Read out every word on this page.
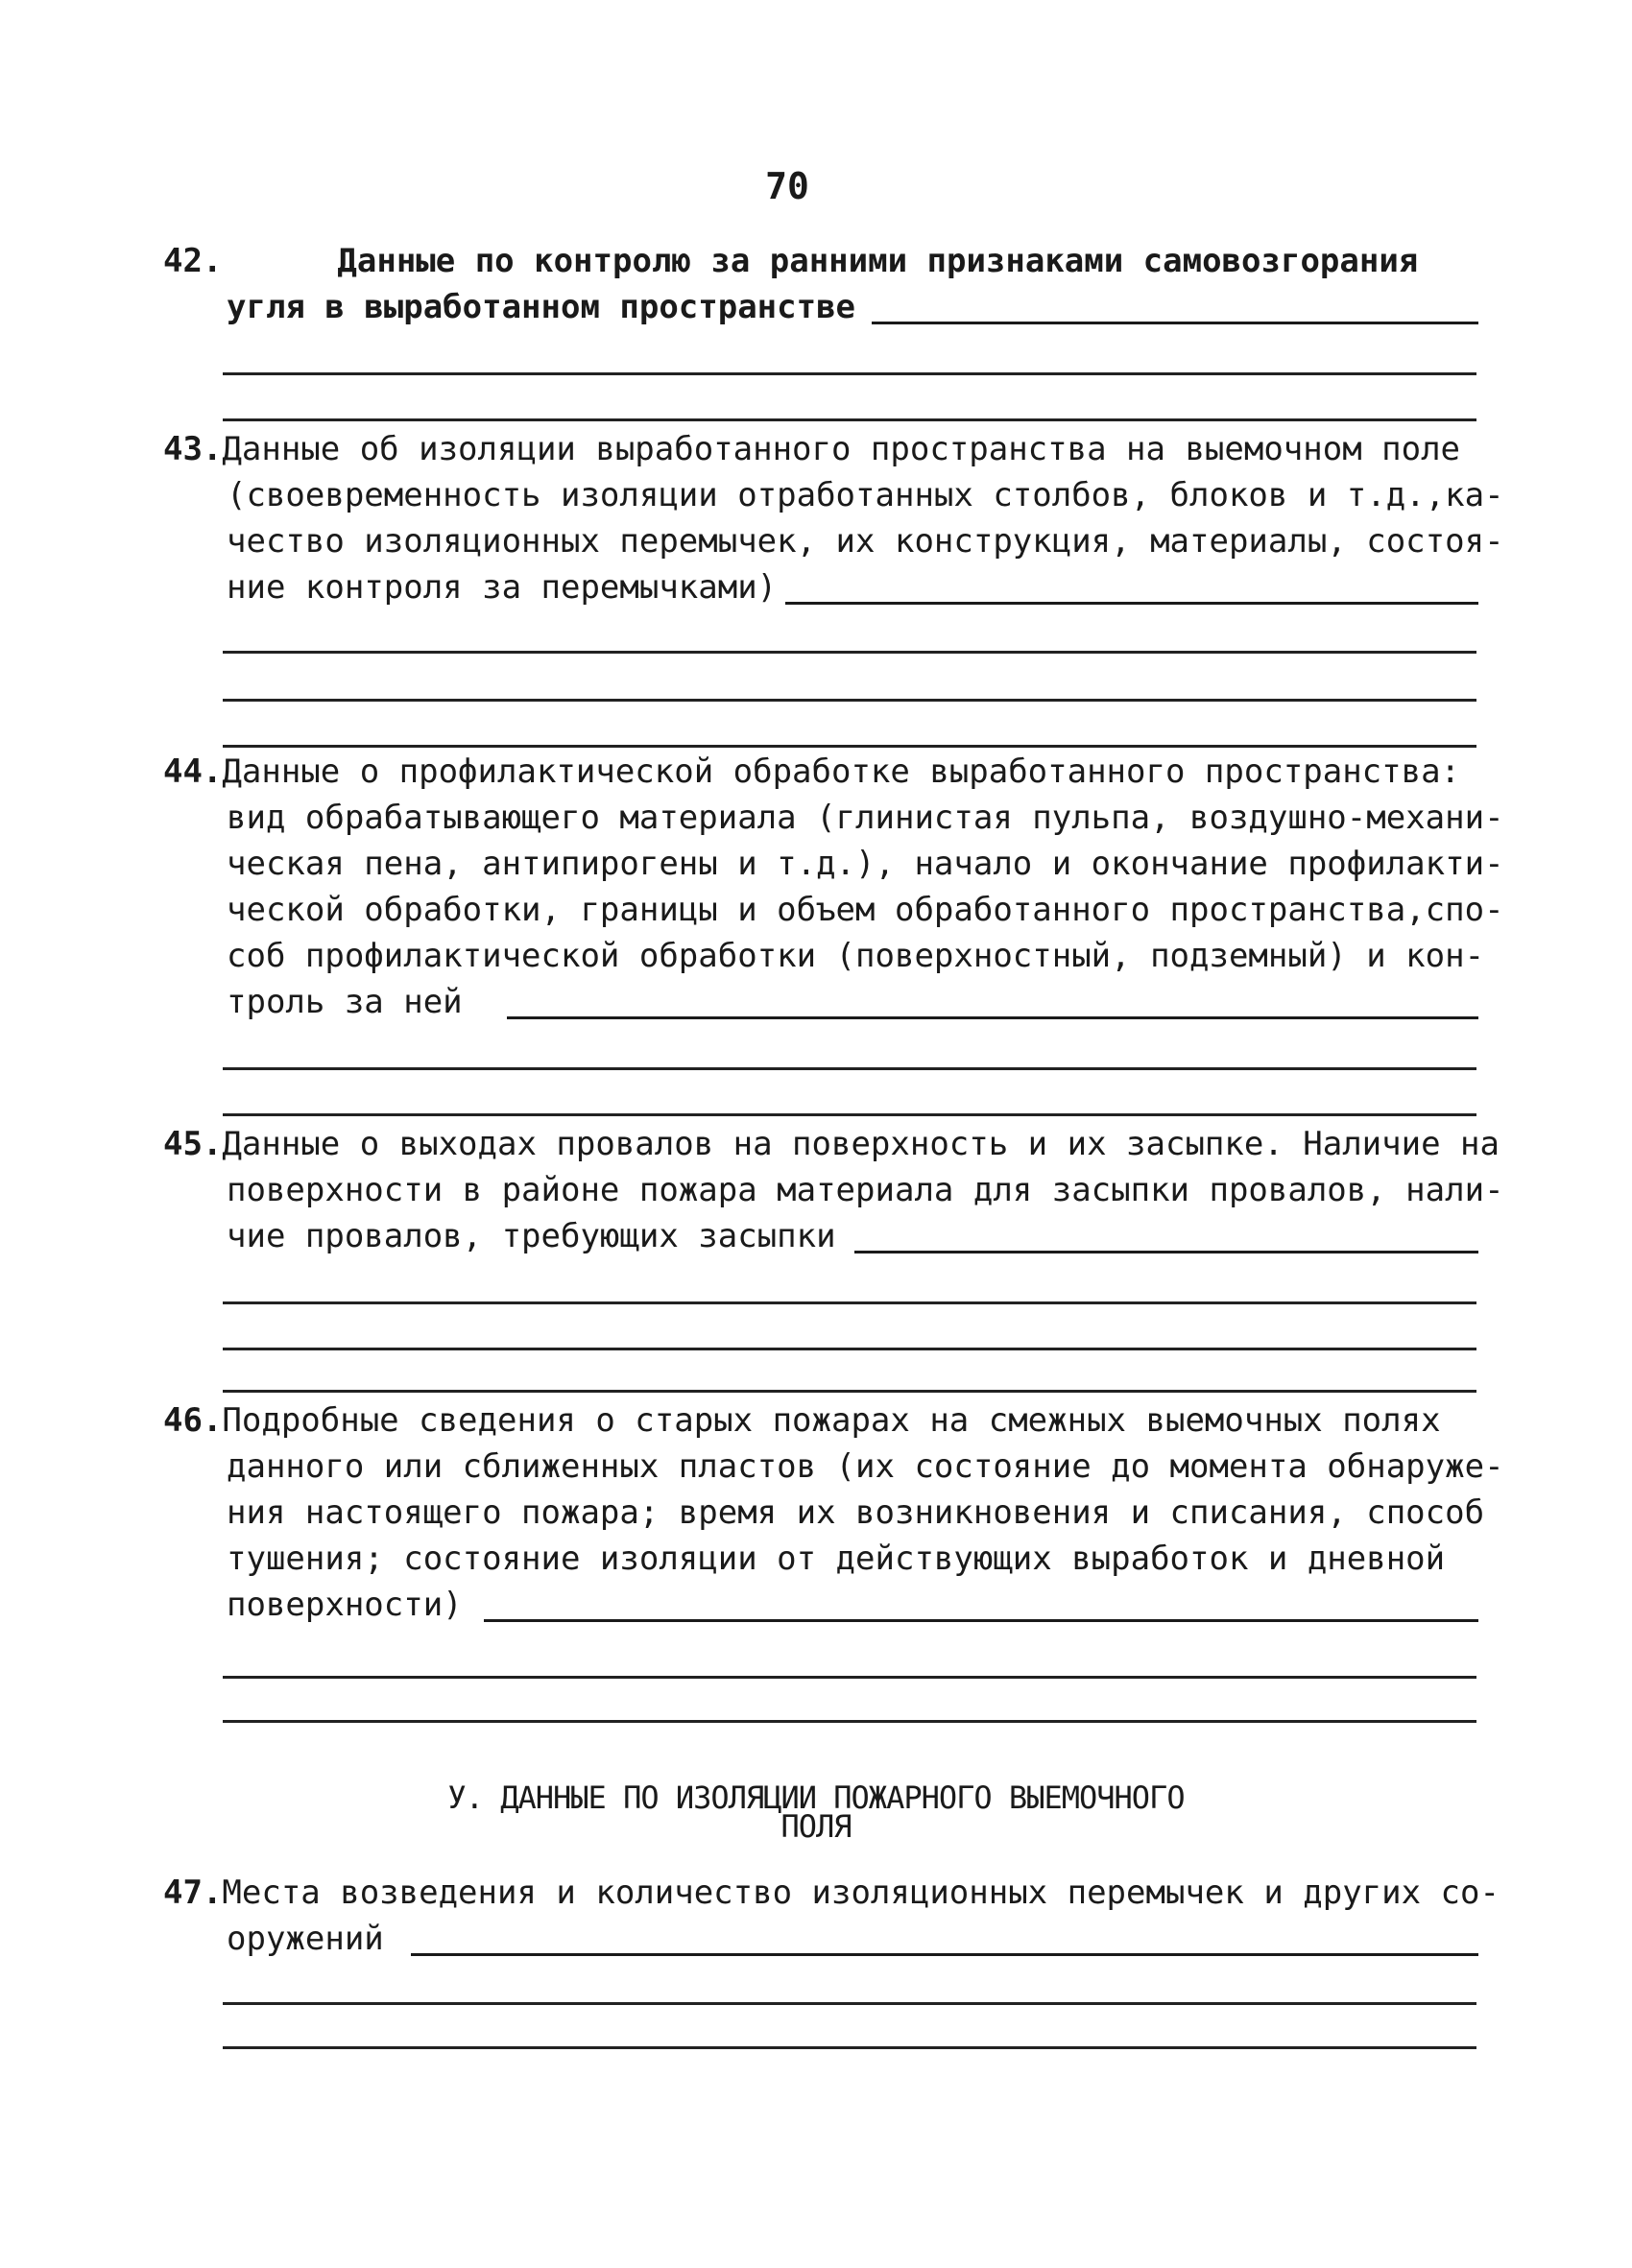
70
42.	Данные по контролю за ранними признаками самовозгорания
угля в выработанном пространстве
43.Данные об изоляции выработанного пространства на выемочном поле
(своевременность изоляции отработанных столбов, блоков и т.д.,ка-
чество изоляционных перемычек, их конструкция, материалы, состоя-
ние контроля за перемычками)
44.Данные о профилактической обработке выработанного пространства:
вид обрабатывающего материала (глинистая пульпа, воздушно-механи-
ческая пена, антипирогены и т.д.), начало и окончание профилакти-
ческой обработки, границы и объем обработанного пространства,спо-
соб профилактической обработки (поверхностный, подземный) и кон-
троль за ней
45.Данные о выходах провалов на поверхность и их засыпке. Наличие на
поверхности в районе пожара материала для засыпки провалов, нали-
чие провалов, требующих засыпки
46.Подробные сведения о старых пожарах на смежных выемочных полях
данного или сближенных пластов (их состояние до момента обнаруже-
ния настоящего пожара; время их возникновения и списания, способ
тушения; состояние изоляции от действующих выработок и дневной
поверхности)
У. ДАННЫЕ ПО ИЗОЛЯЦИИ ПОЖАРНОГО ВЫЕМОЧНОГО
ПОЛЯ
47.Места возведения и количество изоляционных перемычек и других со-
оружений
